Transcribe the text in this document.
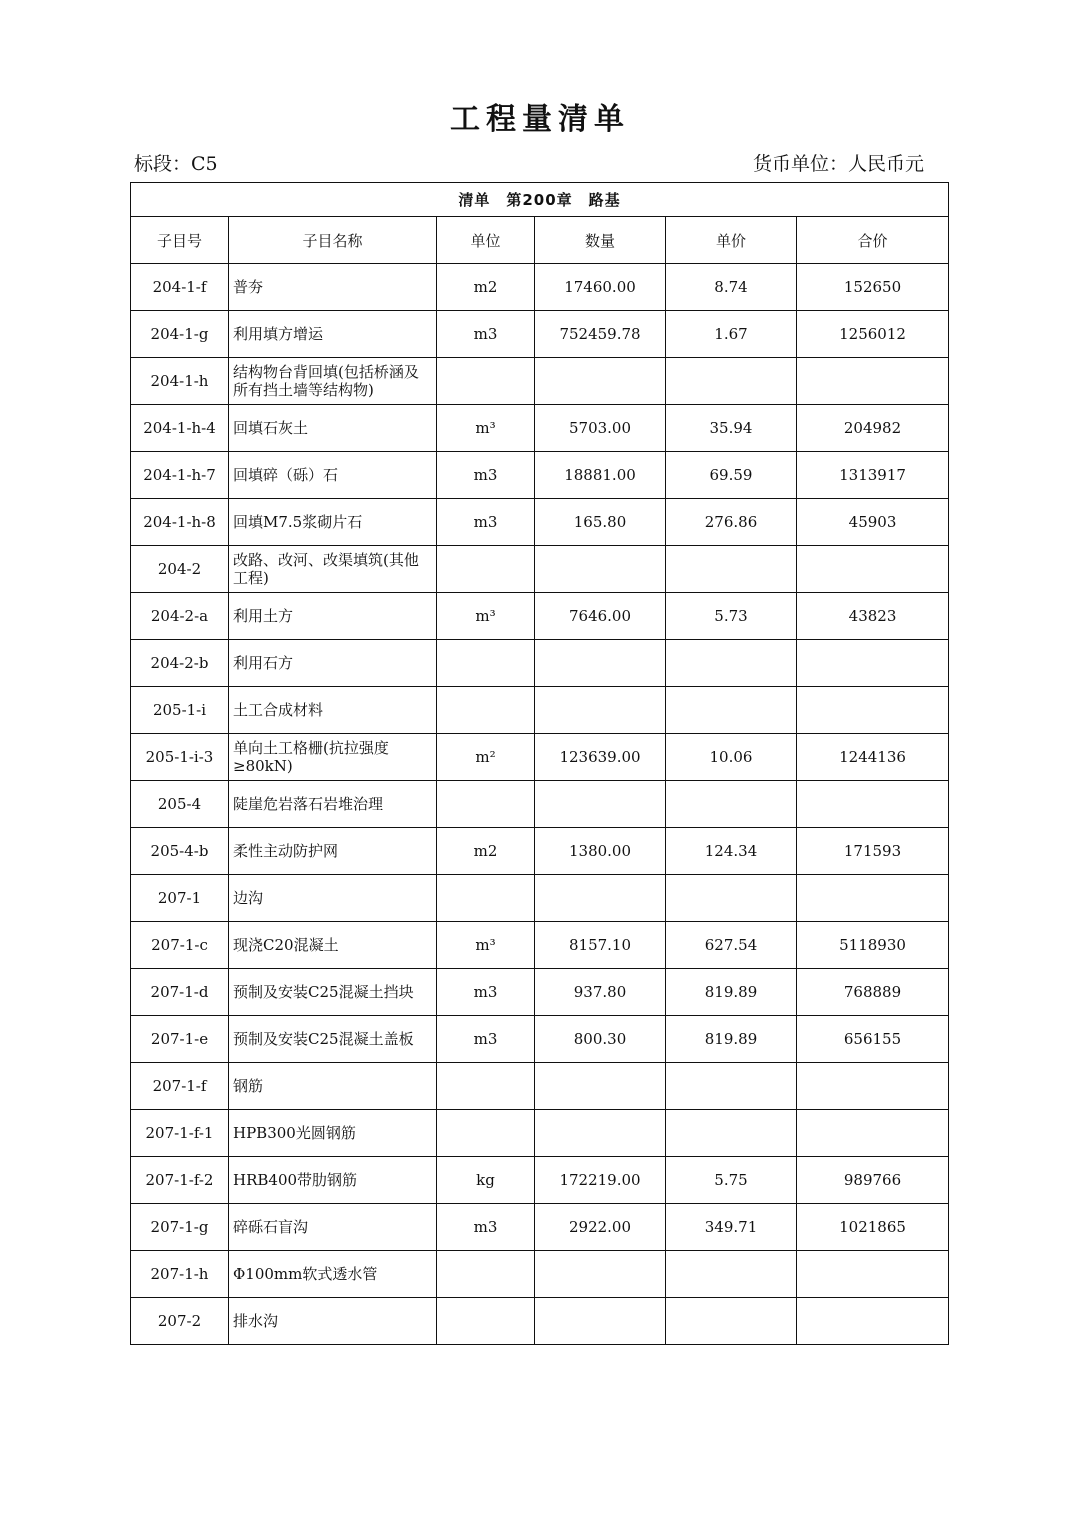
工程量清单
标段：C5	货币单位：人民币元
清单　第200章　路基					
子目号	子目名称	单位	数量	单价	合价
204-1-f	普夯	m2	17460.00	8.74	152650
204-1-g	利用填方增运	m3	752459.78	1.67	1256012
204-1-h	结构物台背回填(包括桥涵及所有挡土墙等结构物)				

204-1-h-4	回填石灰土	m³	5703.00	35.94	204982
204-1-h-7	回填碎（砾）石	m3	18881.00	69.59	1313917
204-1-h-8	回填M7.5浆砌片石	m3	165.80	276.86	45903
204-2	改路、改河、改渠填筑(其他工程)				

204-2-a	利用土方	m³	7646.00	5.73	43823
204-2-b	利用石方				

205-1-i	土工合成材料				

205-1-i-3	单向土工格栅(抗拉强度≥80kN)	m²	123639.00	10.06	1244136
205-4	陡崖危岩落石岩堆治理				

205-4-b	柔性主动防护网	m2	1380.00	124.34	171593
207-1	边沟				

207-1-c	现浇C20混凝土	m³	8157.10	627.54	5118930
207-1-d	预制及安装C25混凝土挡块	m3	937.80	819.89	768889
207-1-e	预制及安装C25混凝土盖板	m3	800.30	819.89	656155
207-1-f	钢筋				

207-1-f-1	HPB300光圆钢筋				

207-1-f-2	HRB400带肋钢筋	kg	172219.00	5.75	989766
207-1-g	碎砾石盲沟	m3	2922.00	349.71	1021865
207-1-h	Φ100mm软式透水管				

207-2	排水沟				
